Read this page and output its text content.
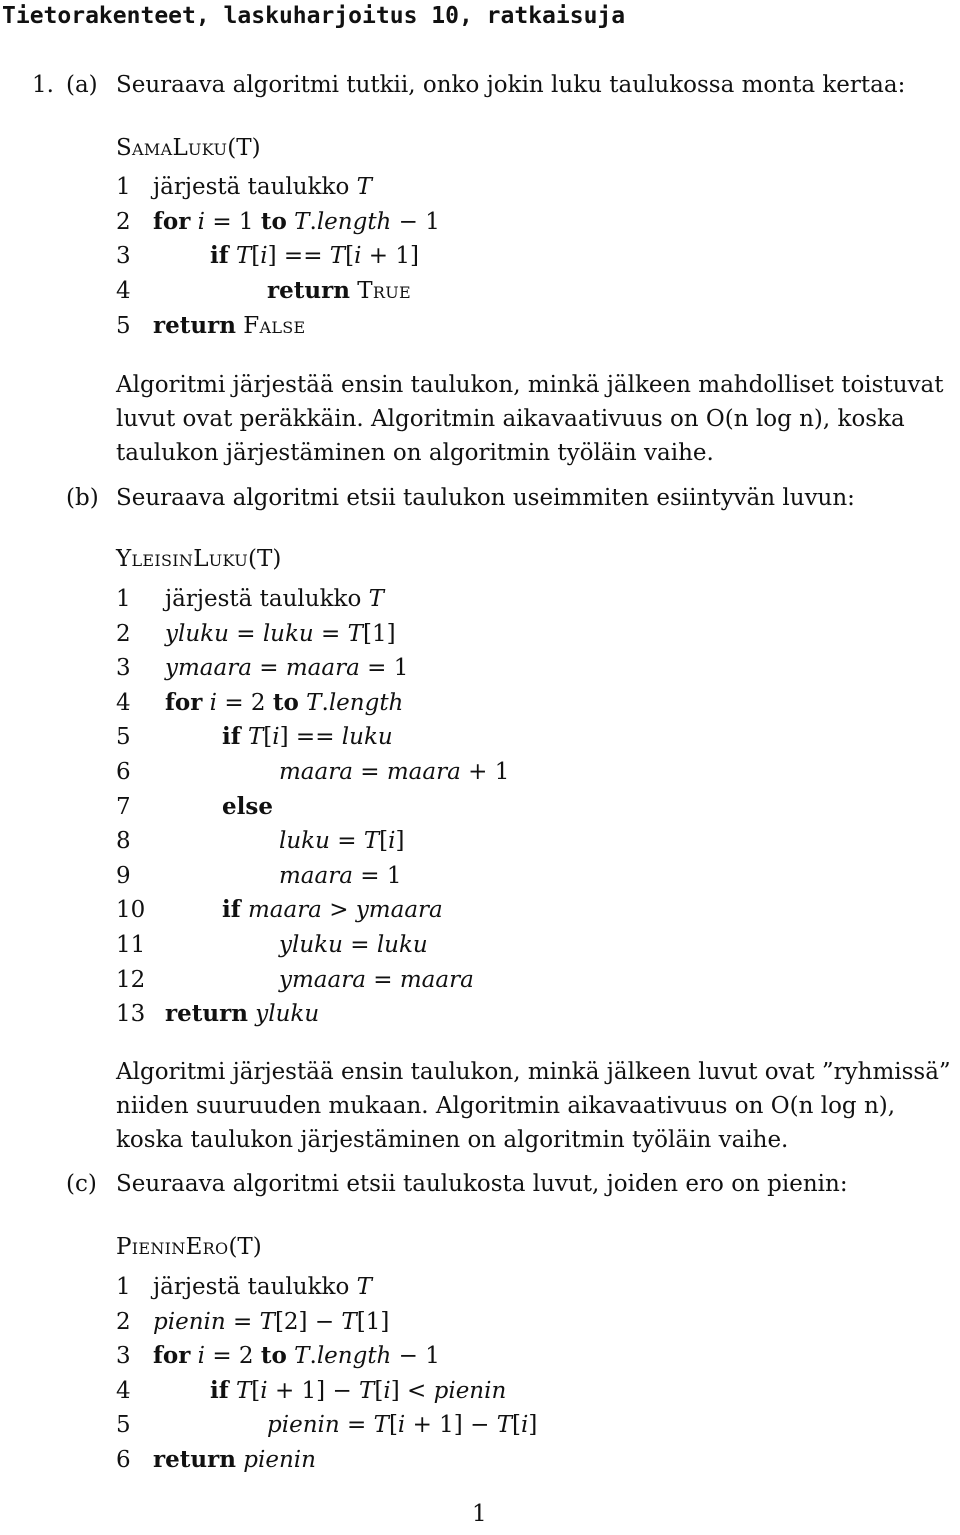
Tietorakenteet, laskuharjoitus 10, ratkaisuja
1. (a) Seuraava algoritmi tutkii, onko jokin luku taulukossa monta kertaa:
SamaLuku(T)
1 järjestä taulukko T
2 for i = 1 to T.length − 1
3	if T[i] == T[i + 1]
4	return True
5 return False
Algoritmi järjestää ensin taulukon, minkä jälkeen mahdolliset toistuvat luvut ovat peräkkäin. Algoritmin aikavaativuus on O(n log n), koska taulukon järjestäminen on algoritmin työläin vaihe.
(b) Seuraava algoritmi etsii taulukon useimmiten esiintyvän luvun:
YleisinLuku(T)
1 järjestä taulukko T
2 yluku = luku = T[1]
3 ymaara = maara = 1
4 for i = 2 to T.length
5	if T[i] == luku
6	maara = maara + 1
7	else
8	luku = T[i]
9	maara = 1
10	if maara > ymaara
11	yluku = luku
12	ymaara = maara
13 return yluku
Algoritmi järjestää ensin taulukon, minkä jälkeen luvut ovat ”ryhmissä” niiden suuruuden mukaan. Algoritmin aikavaativuus on O(n log n), koska taulukon järjestäminen on algoritmin työläin vaihe.
(c) Seuraava algoritmi etsii taulukosta luvut, joiden ero on pienin:
PieninEro(T)
1 järjestä taulukko T
2 pienin = T[2] − T[1]
3 for i = 2 to T.length − 1
4	if T[i + 1] − T[i] < pienin
5	pienin = T[i + 1] − T[i]
6 return pienin
1
